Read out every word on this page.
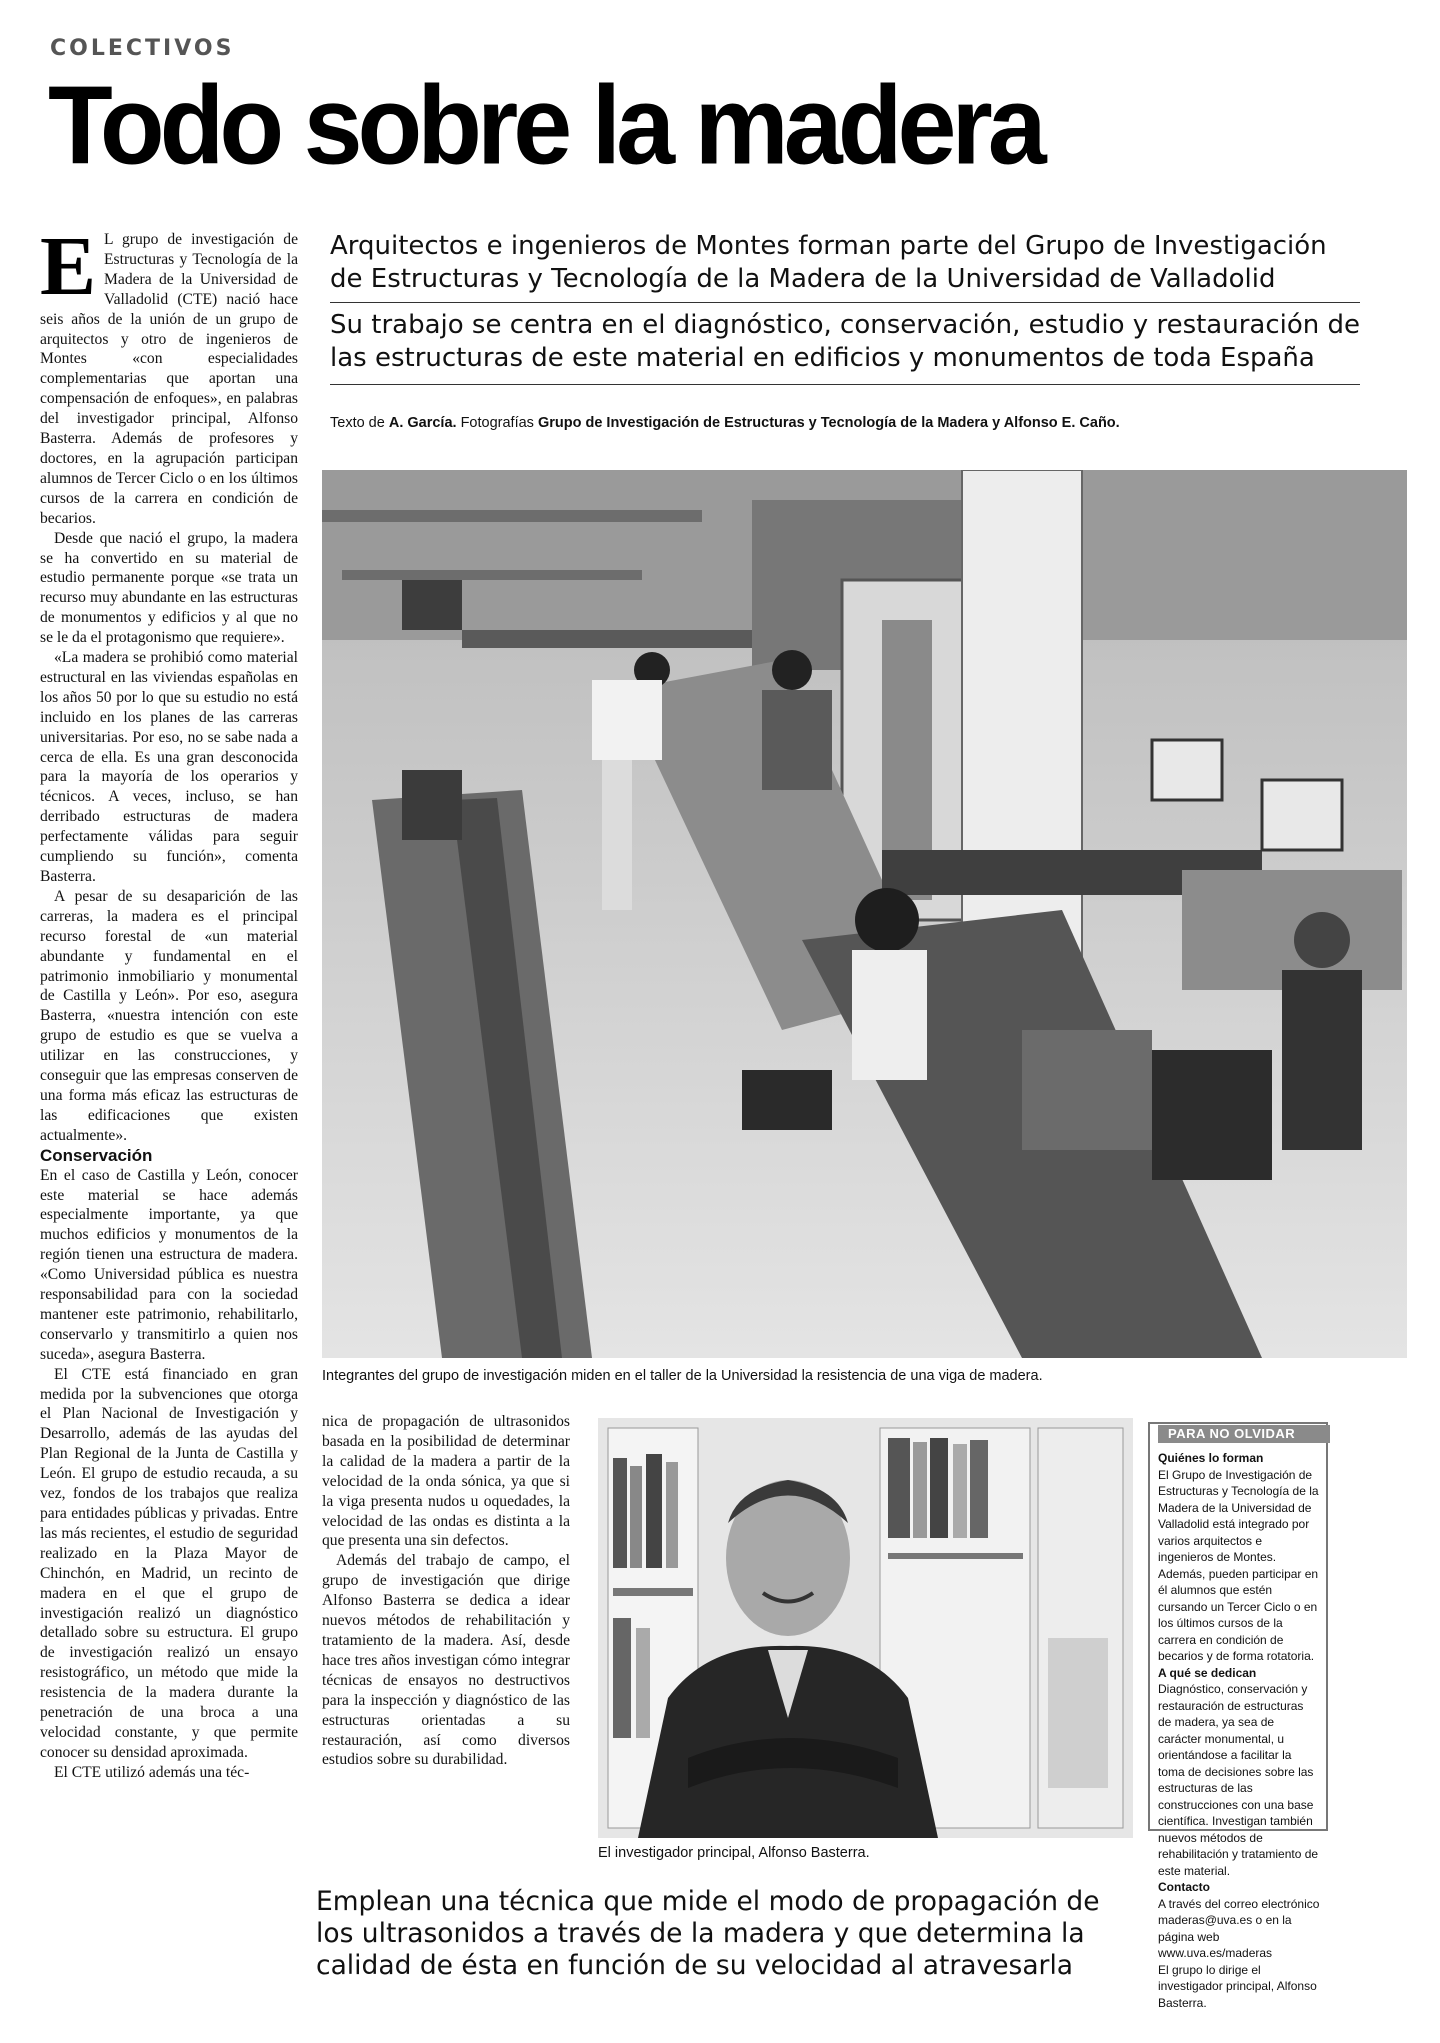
COLECTIVOS
Todo sobre la madera
Arquitectos e ingenieros de Montes forman parte del Grupo de Investigación de Estructuras y Tecnología de la Madera de la Universidad de Valladolid
Su trabajo se centra en el diagnóstico, conservación, estudio y restauración de las estructuras de este material en edificios y monumentos de toda España
Texto de A. García. Fotografías Grupo de Investigación de Estructuras y Tecnología de la Madera y Alfonso E. Caño.

E L grupo de investigación de Estructuras y Tecnología de la Madera de la Universidad de Valladolid (CTE) nació hace seis años de la unión de un grupo de arquitectos y otro de ingenieros de Montes «con especialidades complementarias que aportan una compensación de enfoques», en palabras del investigador principal, Alfonso Basterra. Además de profesores y doctores, en la agrupación participan alumnos de Tercer Ciclo o en los últimos cursos de la carrera en condición de becarios.

Desde que nació el grupo, la madera se ha convertido en su material de estudio permanente porque «se trata un recurso muy abundante en las estructuras de monumentos y edificios y al que no se le da el protagonismo que requiere».

«La madera se prohibió como material estructural en las viviendas españolas en los años 50 por lo que su estudio no está incluido en los planes de las carreras universitarias. Por eso, no se sabe nada a cerca de ella. Es una gran desconocida para la mayoría de los operarios y técnicos. A veces, incluso, se han derribado estructuras de madera perfectamente válidas para seguir cumpliendo su función», comenta Basterra.

A pesar de su desaparición de las carreras, la madera es el principal recurso forestal de «un material abundante y fundamental en el patrimonio inmobiliario y monumental de Castilla y León». Por eso, asegura Basterra, «nuestra intención con este grupo de estudio es que se vuelva a utilizar en las construcciones, y conseguir que las empresas conserven de una forma más eficaz las estructuras de las edificaciones que existen actualmente».

Conservación

En el caso de Castilla y León, conocer este material se hace además especialmente importante, ya que muchos edificios y monumentos de la región tienen una estructura de madera. «Como Universidad pública es nuestra responsabilidad para con la sociedad mantener este patrimonio, rehabilitarlo, conservarlo y transmitirlo a quien nos suceda», asegura Basterra.

El CTE está financiado en gran medida por la subvenciones que otorga el Plan Nacional de Investigación y Desarrollo, además de las ayudas del Plan Regional de la Junta de Castilla y León. El grupo de estudio recauda, a su vez, fondos de los trabajos que realiza para entidades públicas y privadas. Entre las más recientes, el estudio de seguridad realizado en la Plaza Mayor de Chinchón, en Madrid, un recinto de madera en el que el grupo de investigación realizó un diagnóstico detallado sobre su estructura. El grupo de investigación realizó un ensayo resistográfico, un método que mide la resistencia de la madera durante la penetración de una broca a una velocidad constante, y que permite conocer su densidad aproximada.

El CTE utilizó además una téc-

Integrantes del grupo de investigación miden en el taller de la Universidad la resistencia de una viga de madera.

nica de propagación de ultrasonidos basada en la posibilidad de determinar la calidad de la madera a partir de la velocidad de la onda sónica, ya que si la viga presenta nudos u oquedades, la velocidad de las ondas es distinta a la que presenta una sin defectos.

Además del trabajo de campo, el grupo de investigación que dirige Alfonso Basterra se dedica a idear nuevos métodos de rehabilitación y tratamiento de la madera. Así, desde hace tres años investigan cómo integrar técnicas de ensayos no destructivos para la inspección y diagnóstico de las estructuras orientadas a su restauración, así como diversos estudios sobre su durabilidad.

El investigador principal, Alfonso Basterra.
Emplean una técnica que mide el modo de propagación de los ultrasonidos a través de la madera y que determina la calidad de ésta en función de su velocidad al atravesarla
PARA NO OLVIDAR
Quiénes lo forman
El Grupo de Investigación de Estructuras y Tecnología de la Madera de la Universidad de Valladolid está integrado por varios arquitectos e ingenieros de Montes. Además, pueden participar en él alumnos que estén cursando un Tercer Ciclo o en los últimos cursos de la carrera en condición de becarios y de forma rotatoria.
A qué se dedican
Diagnóstico, conservación y restauración de estructuras de madera, ya sea de carácter monumental, u orientándose a facilitar la toma de decisiones sobre las estructuras de las construcciones con una base científica. Investigan también nuevos métodos de rehabilitación y tratamiento de este material.
Contacto
A través del correo electrónico maderas@uva.es o en la página web www.uva.es/maderas
El grupo lo dirige el investigador principal, Alfonso Basterra.
